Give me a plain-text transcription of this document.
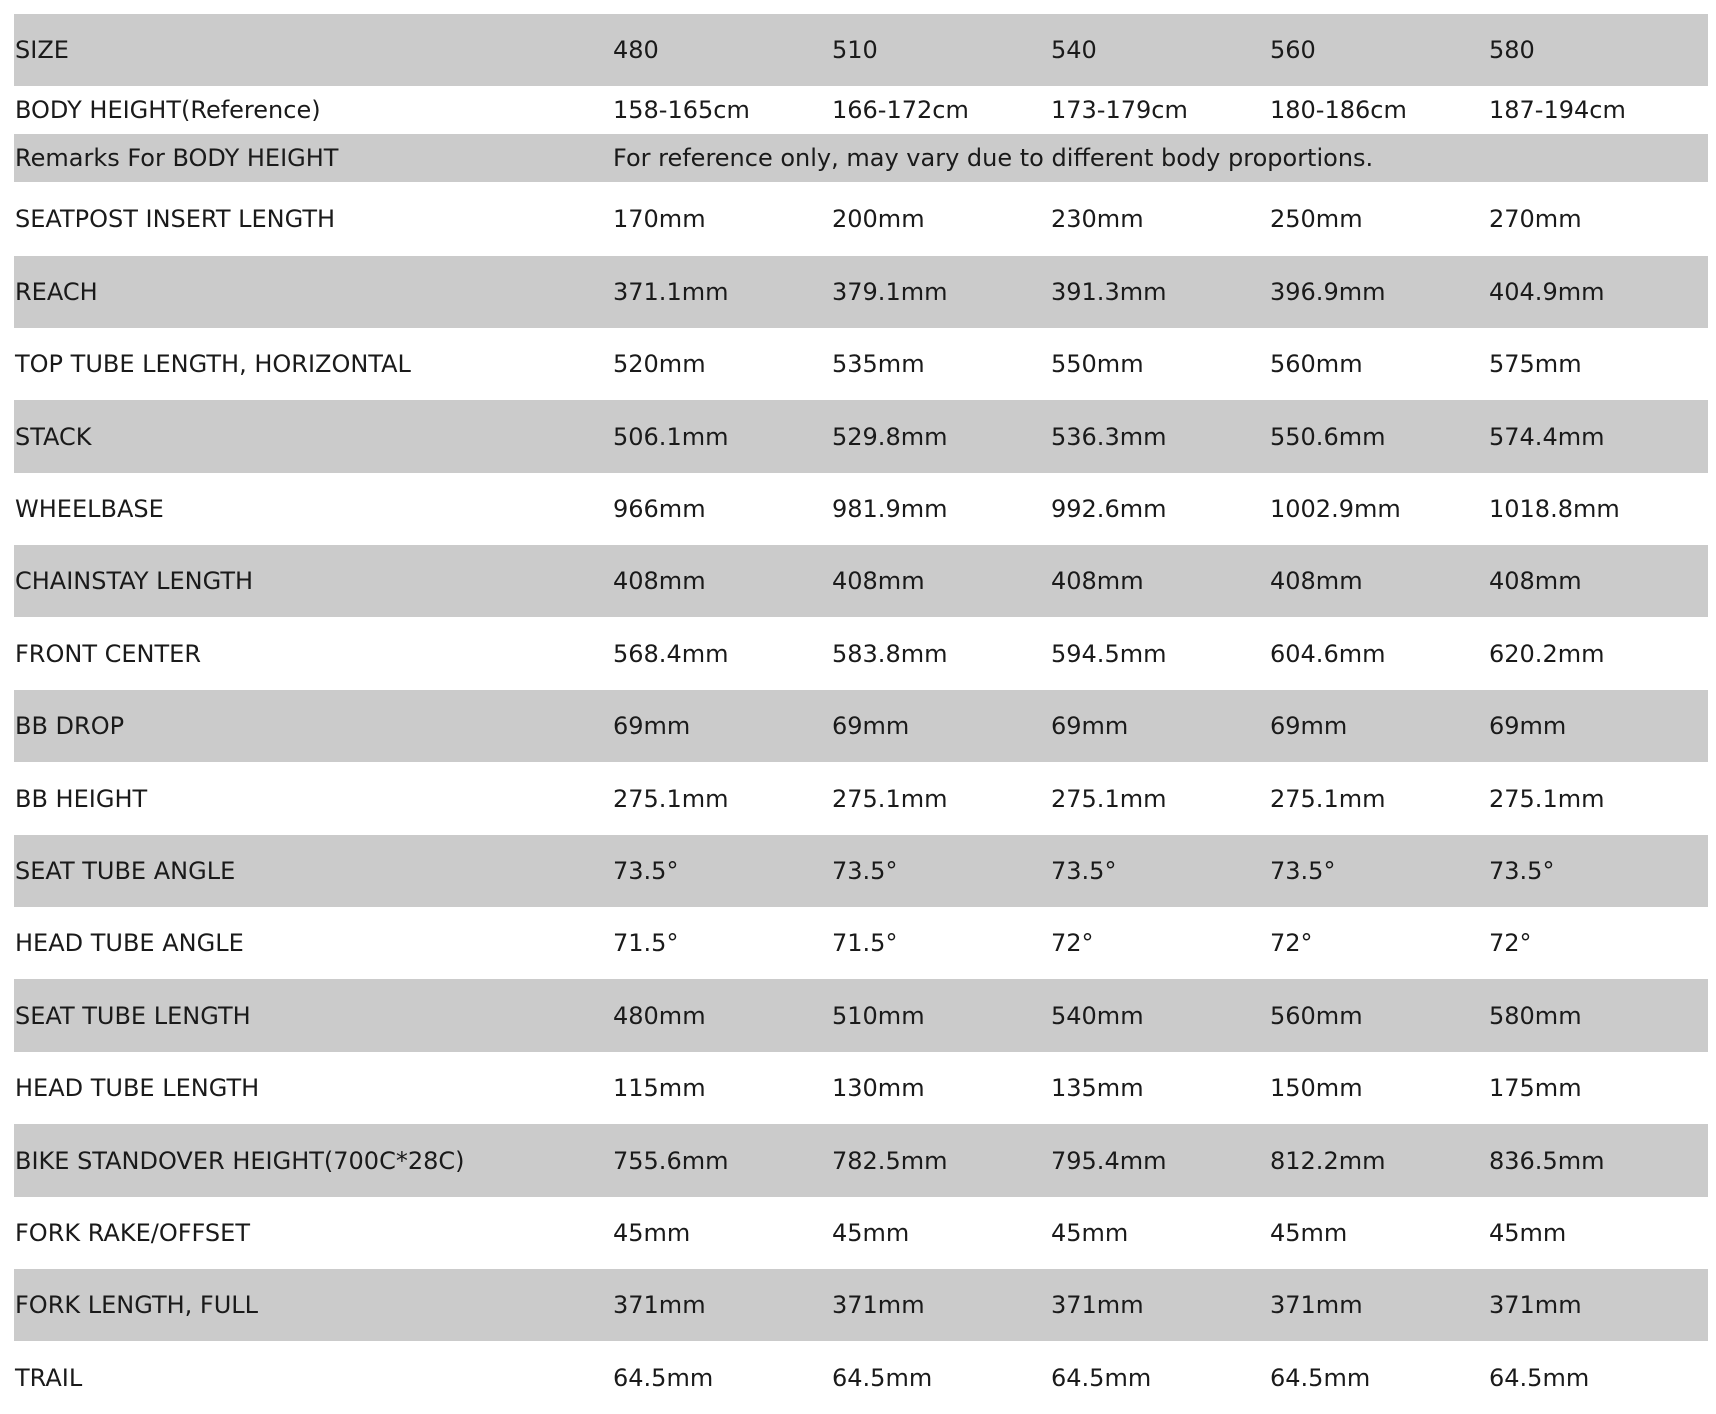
SIZE	480	510	540	560	580
BODY HEIGHT(Reference)	158-165cm	166-172cm	173-179cm	180-186cm	187-194cm
Remarks For BODY HEIGHT	For reference only, may vary due to different body proportions.				
SEATPOST INSERT LENGTH	170mm	200mm	230mm	250mm	270mm
REACH	371.1mm	379.1mm	391.3mm	396.9mm	404.9mm
TOP TUBE LENGTH, HORIZONTAL	520mm	535mm	550mm	560mm	575mm
STACK	506.1mm	529.8mm	536.3mm	550.6mm	574.4mm
WHEELBASE	966mm	981.9mm	992.6mm	1002.9mm	1018.8mm
CHAINSTAY LENGTH	408mm	408mm	408mm	408mm	408mm
FRONT CENTER	568.4mm	583.8mm	594.5mm	604.6mm	620.2mm
BB DROP	69mm	69mm	69mm	69mm	69mm
BB HEIGHT	275.1mm	275.1mm	275.1mm	275.1mm	275.1mm
SEAT TUBE ANGLE	73.5°	73.5°	73.5°	73.5°	73.5°
HEAD TUBE ANGLE	71.5°	71.5°	72°	72°	72°
SEAT TUBE LENGTH	480mm	510mm	540mm	560mm	580mm
HEAD TUBE LENGTH	115mm	130mm	135mm	150mm	175mm
BIKE STANDOVER HEIGHT(700C*28C)	755.6mm	782.5mm	795.4mm	812.2mm	836.5mm
FORK RAKE/OFFSET	45mm	45mm	45mm	45mm	45mm
FORK LENGTH, FULL	371mm	371mm	371mm	371mm	371mm
TRAIL	64.5mm	64.5mm	64.5mm	64.5mm	64.5mm
